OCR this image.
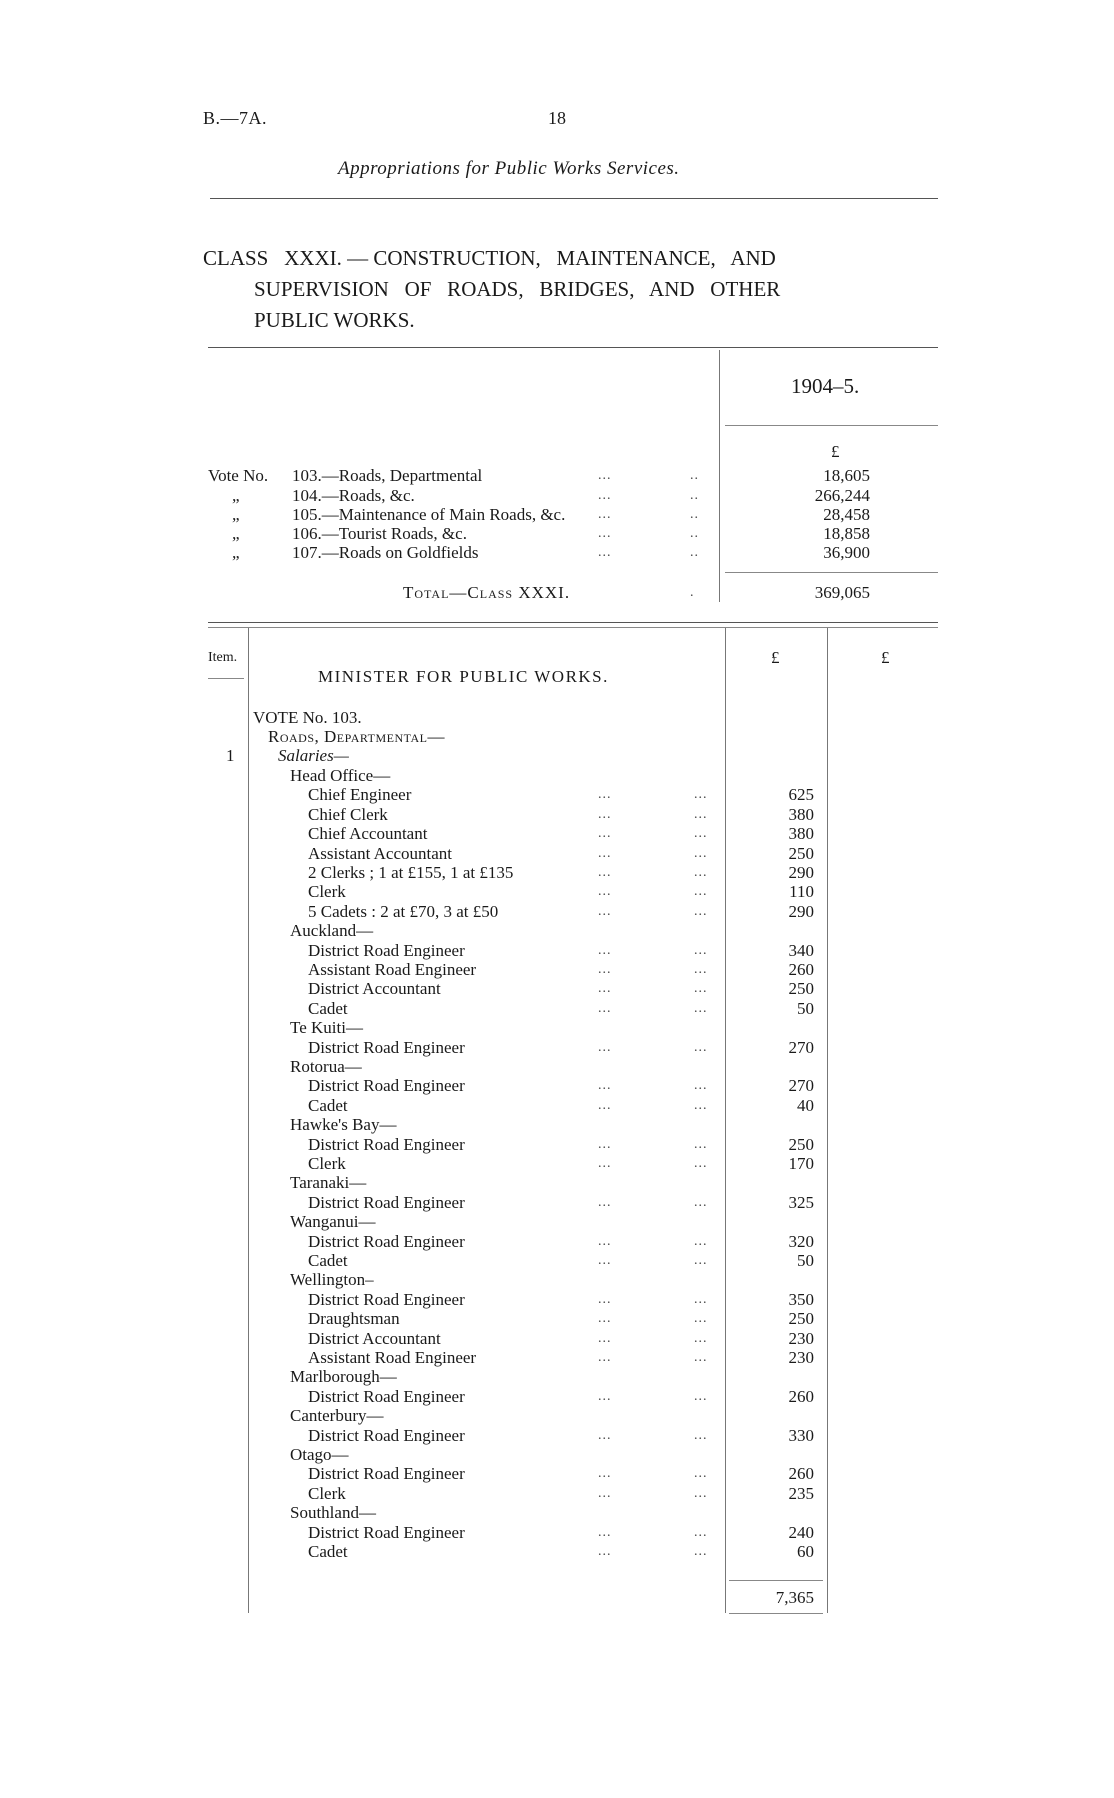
B.—7A.	18
Appropriations for Public Works Services.
CLASS   XXXI. — CONSTRUCTION,   MAINTENANCE,   AND
SUPERVISION   OF   ROADS,   BRIDGES,   AND   OTHER
PUBLIC WORKS.
1904–5.
£
Vote No. 103.—Roads, Departmental	...	..	18,605
„	104.—Roads, &c.	...	..	266,244
„	105.—Maintenance of Main Roads, &c. ...	..	28,458
„	106.—Tourist Roads, &c.	...	..	18,858
„	107.—Roads on Goldfields	...	..	36,900
Total—Class XXXI.	.	369,065
Item.	£	£
MINISTER FOR PUBLIC WORKS.
VOTE No. 103.
Roads, Departmental—
1	Salaries—
Head Office—
Chief Engineer	...	...	625
Chief Clerk	...	...	380
Chief Accountant	...	...	380
Assistant Accountant	...	...	250
2 Clerks ; 1 at £155, 1 at £135	...	...	290
Clerk	...	...	110
5 Cadets : 2 at £70, 3 at £50	...	...	290
Auckland—
District Road Engineer	...	...	340
Assistant Road Engineer	...	...	260
District Accountant	...	...	250
Cadet	...	...	50
Te Kuiti—
District Road Engineer	...	...	270
Rotorua—
District Road Engineer	...	...	270
Cadet	...	...	40
Hawke's Bay—
District Road Engineer	...	...	250
Clerk	...	...	170
Taranaki—
District Road Engineer	...	...	325
Wanganui—
District Road Engineer	...	...	320
Cadet	...	...	50
Wellington–
District Road Engineer	...	...	350
Draughtsman	...	...	250
District Accountant	...	...	230
Assistant Road Engineer	...	...	230
Marlborough—
District Road Engineer	...	...	260
Canterbury—
District Road Engineer	...	...	330
Otago—
District Road Engineer	...	...	260
Clerk	...	...	235
Southland—
District Road Engineer	...	...	240
Cadet	...	...	60
7,365
